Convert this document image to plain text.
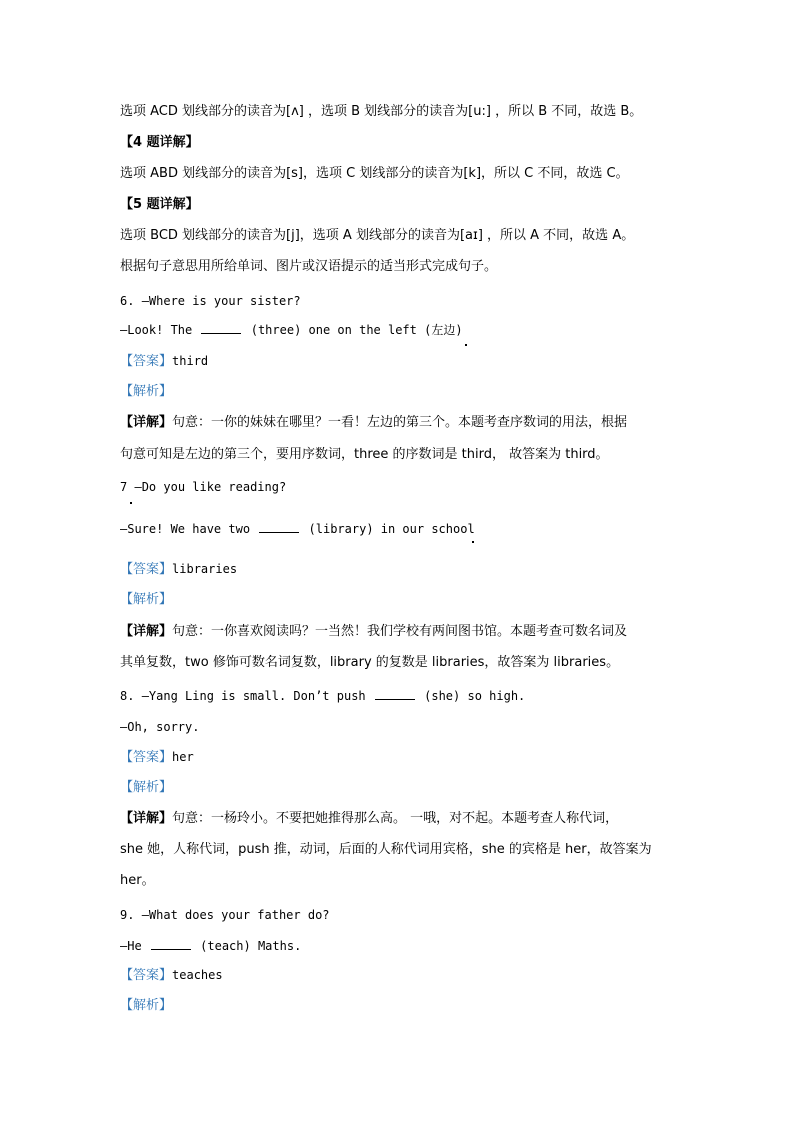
选项 ACD 划线部分的读音为[ʌ] ，选项 B 划线部分的读音为[u:] ，所以 B 不同，故选 B。
【4 题详解】
选项 ABD 划线部分的读音为[s]，选项 C 划线部分的读音为[k]，所以 C 不同，故选 C。
【5 题详解】
选项 BCD 划线部分的读音为[j]，选项 A 划线部分的读音为[aɪ] ，所以 A 不同，故选 A。
根据句子意思用所给单词、图片或汉语提示的适当形式完成句子。
6. —Where is your sister?
—Look! The	(three) one on the left (左边)
【答案】third
【解析】
【详解】句意：一你的妹妹在哪里？一看！左边的第三个。本题考查序数词的用法，根据
句意可知是左边的第三个，要用序数词，three 的序数词是 third， 故答案为 third。
7 —Do you like reading?
—Sure! We have two	(library) in our school
【答案】libraries
【解析】
【详解】句意：一你喜欢阅读吗？一当然！我们学校有两间图书馆。本题考查可数名词及
其单复数，two 修饰可数名词复数，library 的复数是 libraries，故答案为 libraries。
8. —Yang Ling is small. Don’t push	(she) so high.
—Oh, sorry.
【答案】her
【解析】
【详解】句意：一杨玲小。不要把她推得那么高。 一哦，对不起。本题考查人称代词，
she 她，人称代词，push 推，动词，后面的人称代词用宾格，she 的宾格是 her，故答案为
her。
9. —What does your father do?
—He	(teach) Maths.
【答案】teaches
【解析】
